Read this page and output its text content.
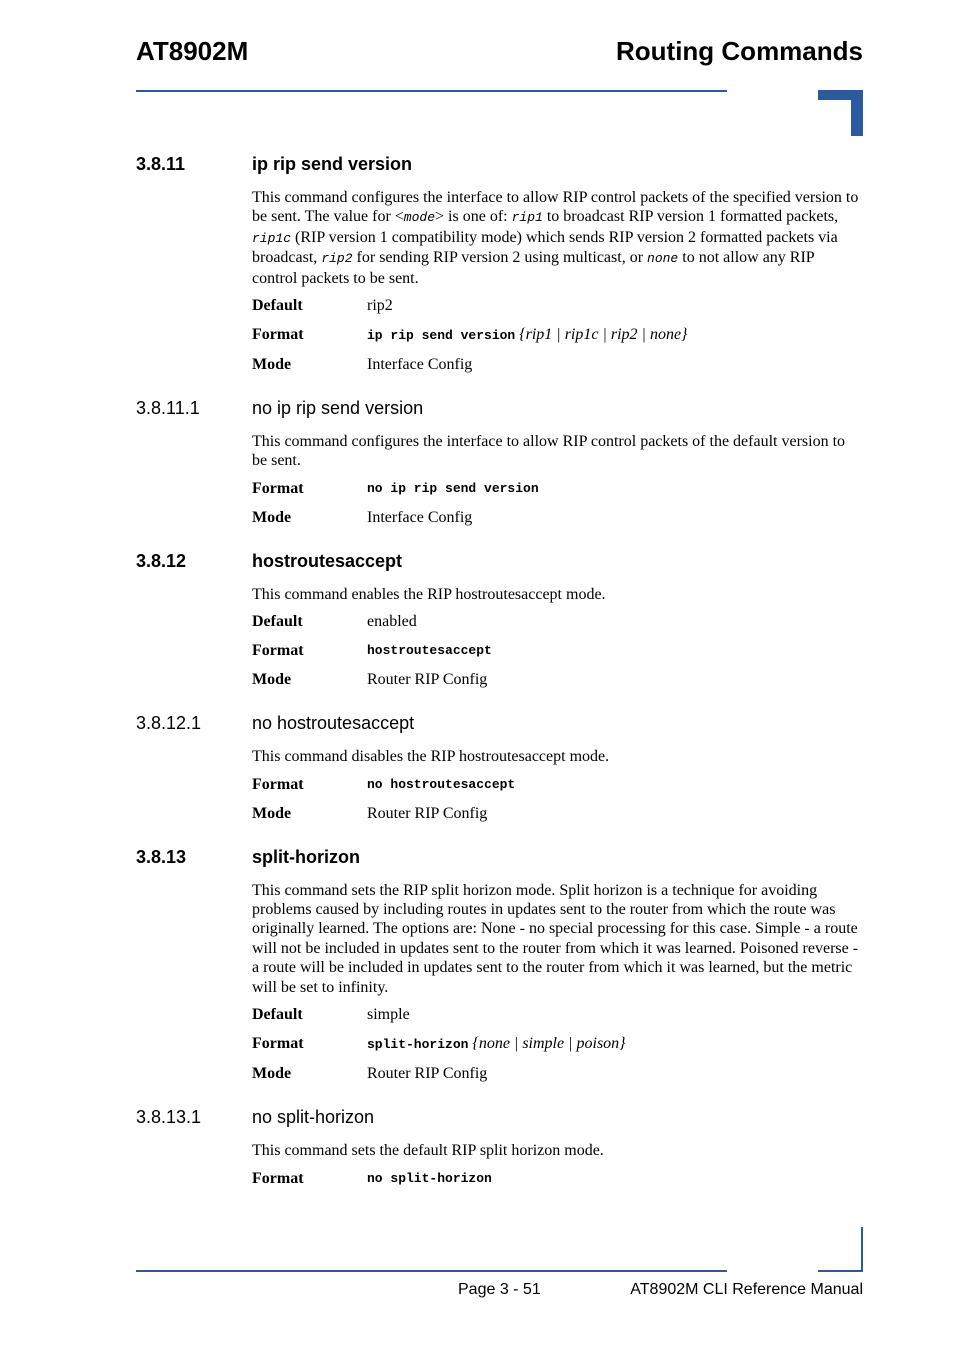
AT8902M	Routing Commands
3.8.11	ip rip send version

This command configures the interface to allow RIP control packets of the specified version to be sent. The value for <mode> is one of: rip1 to broadcast RIP version 1 formatted packets, rip1c (RIP version 1 compatibility mode) which sends RIP version 2 formatted packets via broadcast, rip2 for sending RIP version 2 using multicast, or none to not allow any RIP control packets to be sent.

Default	rip2
Format	ip rip send version {rip1 | rip1c | rip2 | none}
Mode	Interface Config
3.8.11.1	no ip rip send version

This command configures the interface to allow RIP control packets of the default version to be sent.

Format	no ip rip send version
Mode	Interface Config
3.8.12	hostroutesaccept

This command enables the RIP hostroutesaccept mode.

Default	enabled
Format	hostroutesaccept
Mode	Router RIP Config
3.8.12.1	no hostroutesaccept

This command disables the RIP hostroutesaccept mode.

Format	no hostroutesaccept
Mode	Router RIP Config
3.8.13	split-horizon

This command sets the RIP split horizon mode. Split horizon is a technique for avoiding problems caused by including routes in updates sent to the router from which the route was originally learned. The options are: None - no special processing for this case. Simple - a route will not be included in updates sent to the router from which it was learned. Poisoned reverse - a route will be included in updates sent to the router from which it was learned, but the metric will be set to infinity.

Default	simple
Format	split-horizon {none | simple | poison}
Mode	Router RIP Config
3.8.13.1	no split-horizon

This command sets the default RIP split horizon mode.

Format	no split-horizon
Page 3 - 51	AT8902M CLI Reference Manual
